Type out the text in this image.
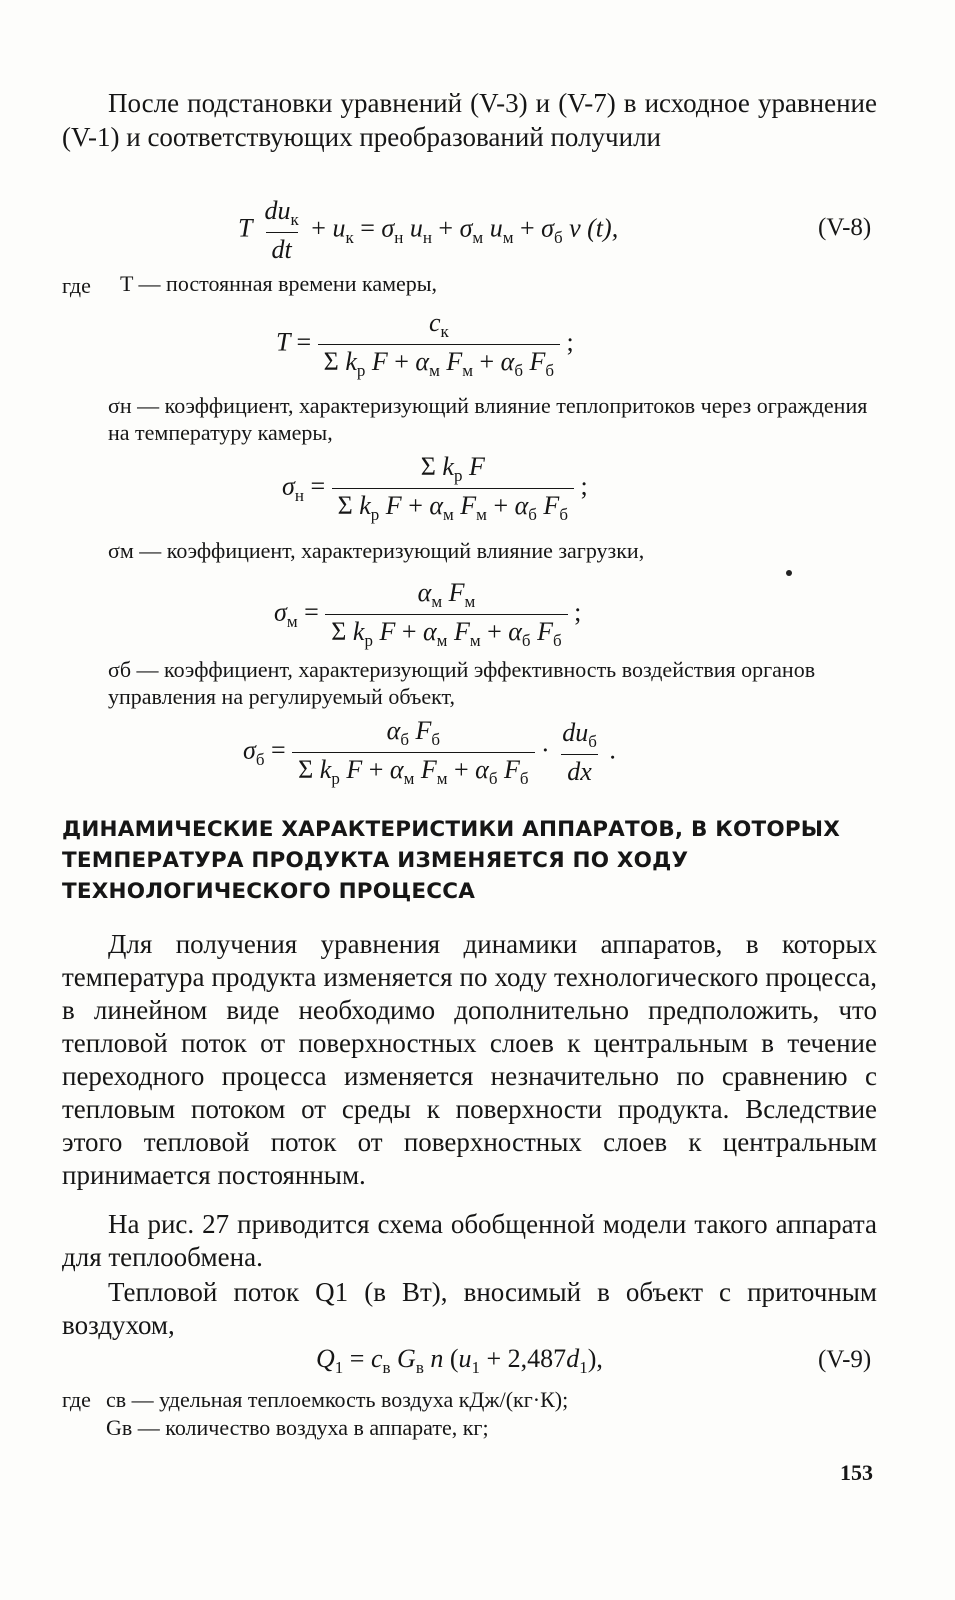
После подстановки уравнений (V-3) и (V-7) в исходное уравнение (V-1) и соответствующих преобразований получили
T $\frac{du_к}{dt} + u_к = \sigma_н$ $u_н + \sigma_м$ $u_м + \sigma_б$ ν (t),	(V-8)
где T — постоянная времени камеры,
$T = \frac{c_к}{\Sigma k_р F + \alpha_м F_м + \alpha_б F_б}$ ;
σн — коэффициент, характеризующий влияние теплопритоков через ограждения на температуру камеры,
$\sigma_н = \frac{\Sigma k_р F}{\Sigma k_р F + \alpha_м F_м + \alpha_б F_б}$ ;
σм — коэффициент, характеризующий влияние загрузки,
$\sigma_м = \frac{\alpha_м F_м}{\Sigma k_р F + \alpha_м F_м + \alpha_б F_б}$ ;
σб — коэффициент, характеризующий эффективность воздействия органов управления на регулируемый объект,
$\sigma_б = \frac{\alpha_б F_б}{\Sigma k_р F + \alpha_м F_м + \alpha_б F_б} \cdot \frac{du_б}{dx}$ .
ДИНАМИЧЕСКИЕ ХАРАКТЕРИСТИКИ АППАРАТОВ, В КОТОРЫХ ТЕМПЕРАТУРА ПРОДУКТА ИЗМЕНЯЕТСЯ ПО ХОДУ ТЕХНОЛОГИЧЕСКОГО ПРОЦЕССА
Для получения уравнения динамики аппаратов, в которых температура продукта изменяется по ходу технологического процесса, в линейном виде необходимо дополнительно предположить, что тепловой поток от поверхностных слоев к центральным в течение переходного процесса изменяется незначительно по сравнению с тепловым потоком от среды к поверхности продукта. Вследствие этого тепловой поток от поверхностных слоев к центральным принимается постоянным.
На рис. 27 приводится схема обобщенной модели такого аппарата для теплообмена.
Тепловой поток Q1 (в Вт), вносимый в объект с приточным воздухом,
$Q_1 = c_в$ $G_в$ n $(u_1 + 2,487d_1)$,	(V-9)
где cв — удельная теплоемкость воздуха кДж/(кг·К);
Gв — количество воздуха в аппарате, кг;
153
